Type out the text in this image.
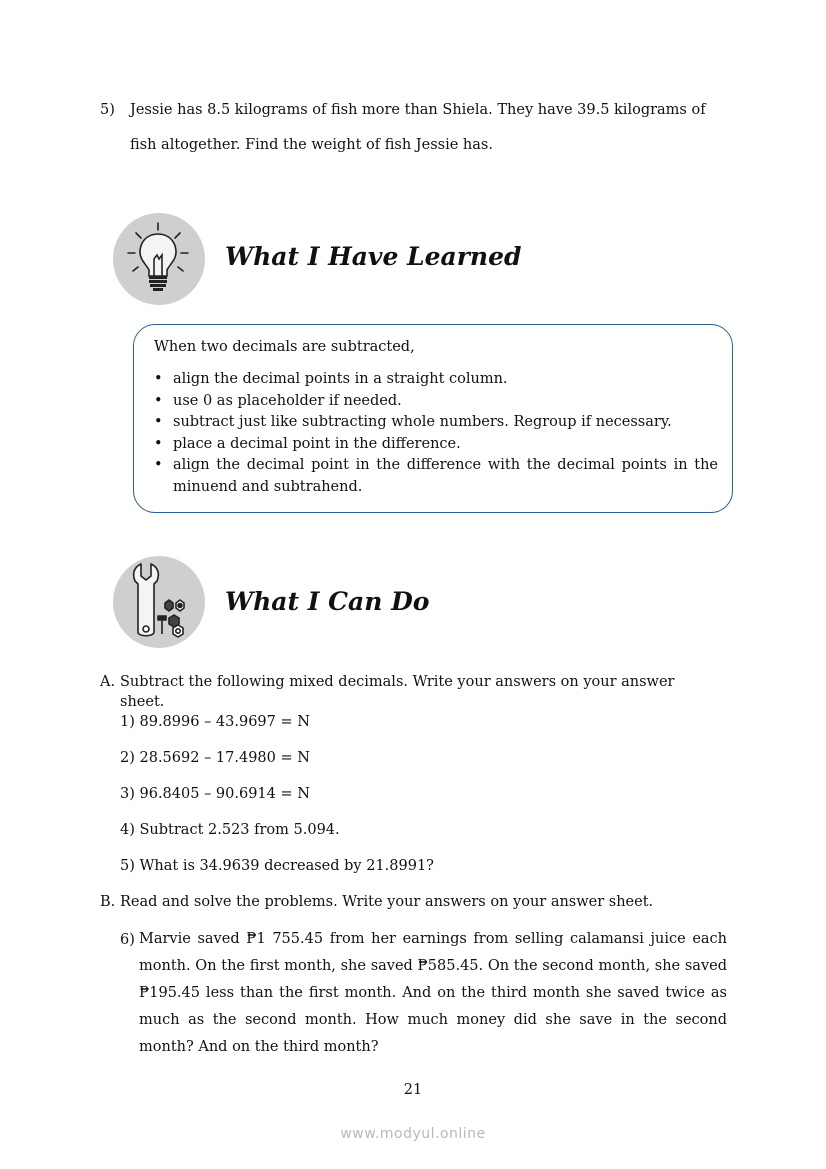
5) Jessie has 8.5 kilograms of fish more than Shiela. They have 39.5 kilograms of
fish altogether. Find the weight of fish Jessie has.
What I Have Learned
When two decimals are subtracted,
• align the decimal points in a straight column.
• use 0 as placeholder if needed.
• subtract just like subtracting whole numbers. Regroup if necessary.
• place a decimal point in the difference.
• align the decimal point in the difference with the decimal points in the minuend and subtrahend.
What I Can Do
A. Subtract the following mixed decimals. Write your answers on your answer
sheet.
1) 89.8996 – 43.9697 = N
2) 28.5692 – 17.4980 = N
3) 96.8405 – 90.6914 = N
4) Subtract 2.523 from 5.094.
5) What is 34.9639 decreased by 21.8991?
B. Read and solve the problems. Write your answers on your answer sheet.
6) Marvie saved ₱1 755.45 from her earnings from selling calamansi juice each month. On the first month, she saved ₱585.45. On the second month, she saved ₱195.45 less than the first month. And on the third month she saved twice as much as the second month. How much money did she save in the second month? And on the third month?
21
www.modyul.online
